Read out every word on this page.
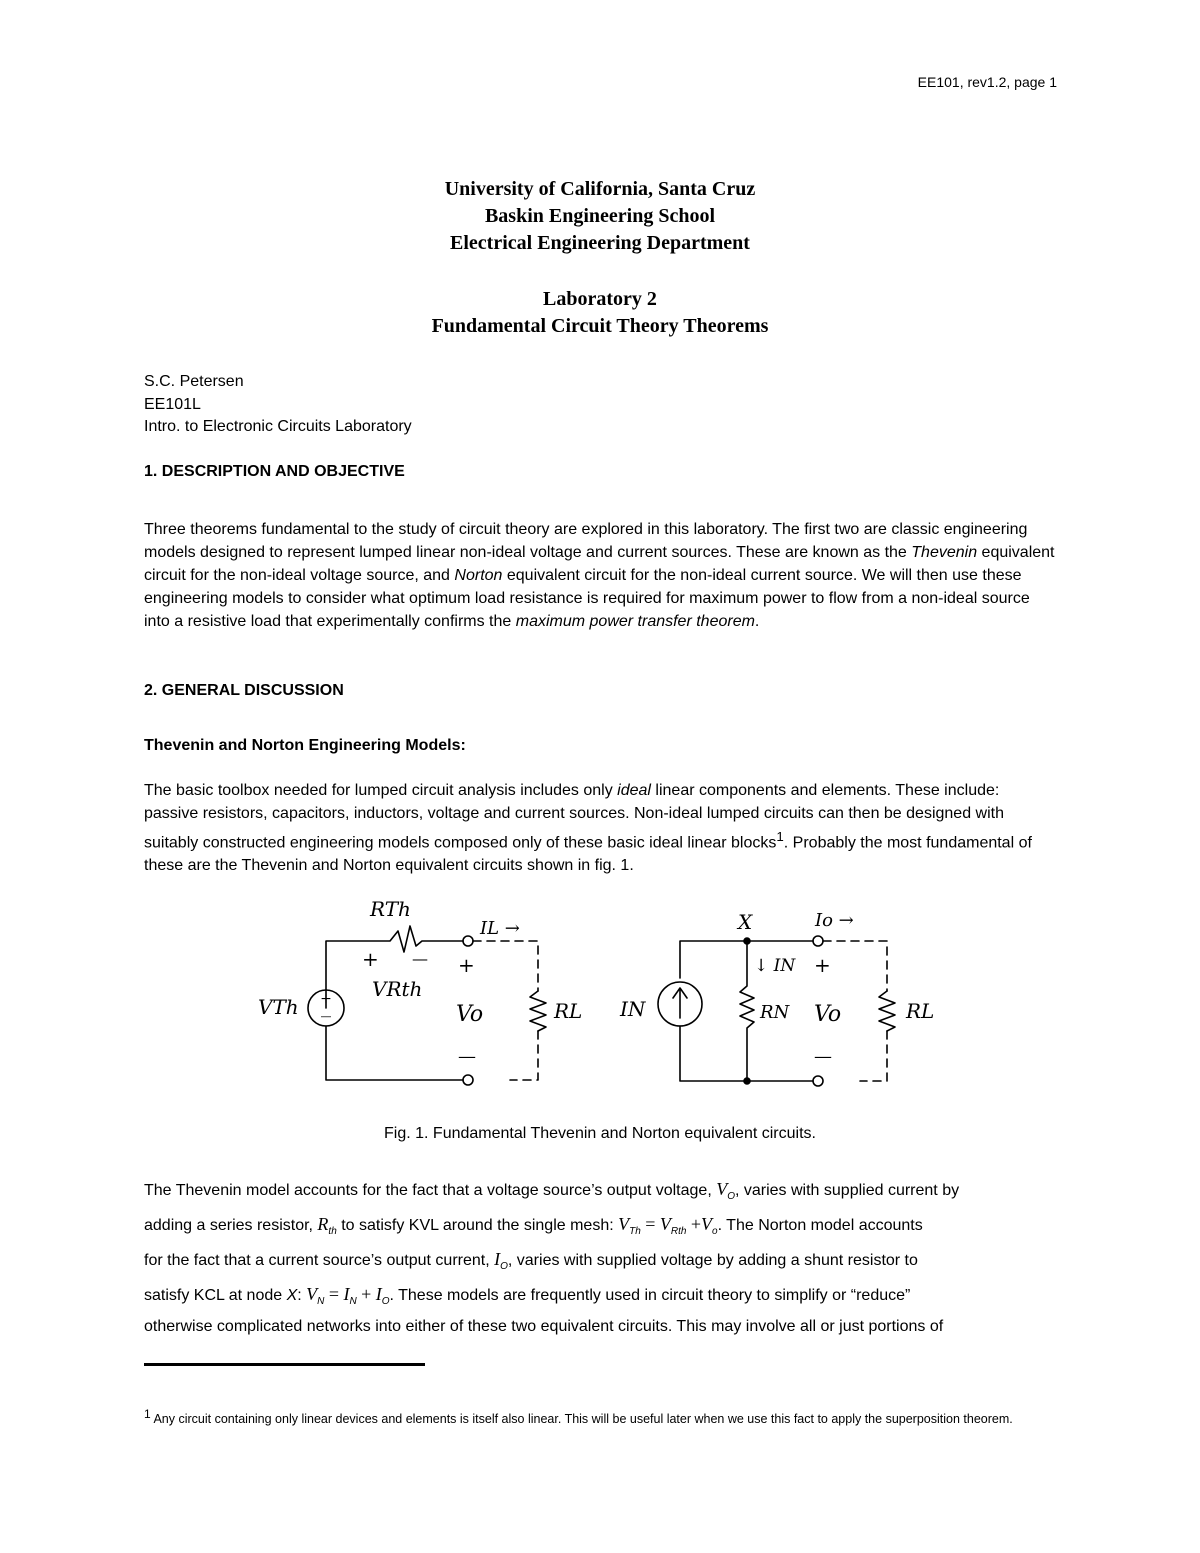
EE101, rev1.2, page 1
University of California, Santa Cruz
Baskin Engineering School
Electrical Engineering Department
Laboratory 2
Fundamental Circuit Theory Theorems
S.C. Petersen
EE101L
Intro. to Electronic Circuits Laboratory
1. DESCRIPTION AND OBJECTIVE

Three theorems fundamental to the study of circuit theory are explored in this laboratory. The first two are classic engineering models designed to represent lumped linear non-ideal voltage and current sources. These are known as the Thevenin equivalent circuit for the non-ideal voltage source, and Norton equivalent circuit for the non-ideal current source. We will then use these engineering models to consider what optimum load resistance is required for maximum power to flow from a non-ideal source into a resistive load that experimentally confirms the maximum power transfer theorem.

2. GENERAL DISCUSSION
Thevenin and Norton Engineering Models:

The basic toolbox needed for lumped circuit analysis includes only ideal linear components and elements. These include: passive resistors, capacitors, inductors, voltage and current sources. Non-ideal lumped circuits can then be designed with suitably constructed engineering models composed only of these basic ideal linear blocks$^1$. Probably the most fundamental of these are the Thevenin and Norton equivalent circuits shown in fig. 1.

+
—
RTh
IL →
+ —
VRth
VTh
+
Vo
—
RL
X	Io →
↓ IN
IN	RN
+
Vo
—
RL
Fig. 1. Fundamental Thevenin and Norton equivalent circuits.
The Thevenin model accounts for the fact that a voltage source’s output voltage, $V_O$, varies with supplied current by
adding a series resistor, $R_{th}$ to satisfy KVL around the single mesh: $V_{Th} = V_{Rth} +V_o$. The Norton model accounts
for the fact that a current source’s output current, $I_O$, varies with supplied voltage by adding a shunt resistor to
satisfy KCL at node X: $V_N = I_N + I_O$. These models are frequently used in circuit theory to simplify or “reduce”
otherwise complicated networks into either of these two equivalent circuits. This may involve all or just portions of
$^1$ Any circuit containing only linear devices and elements is itself also linear. This will be useful later when we use this fact to apply the superposition theorem.
